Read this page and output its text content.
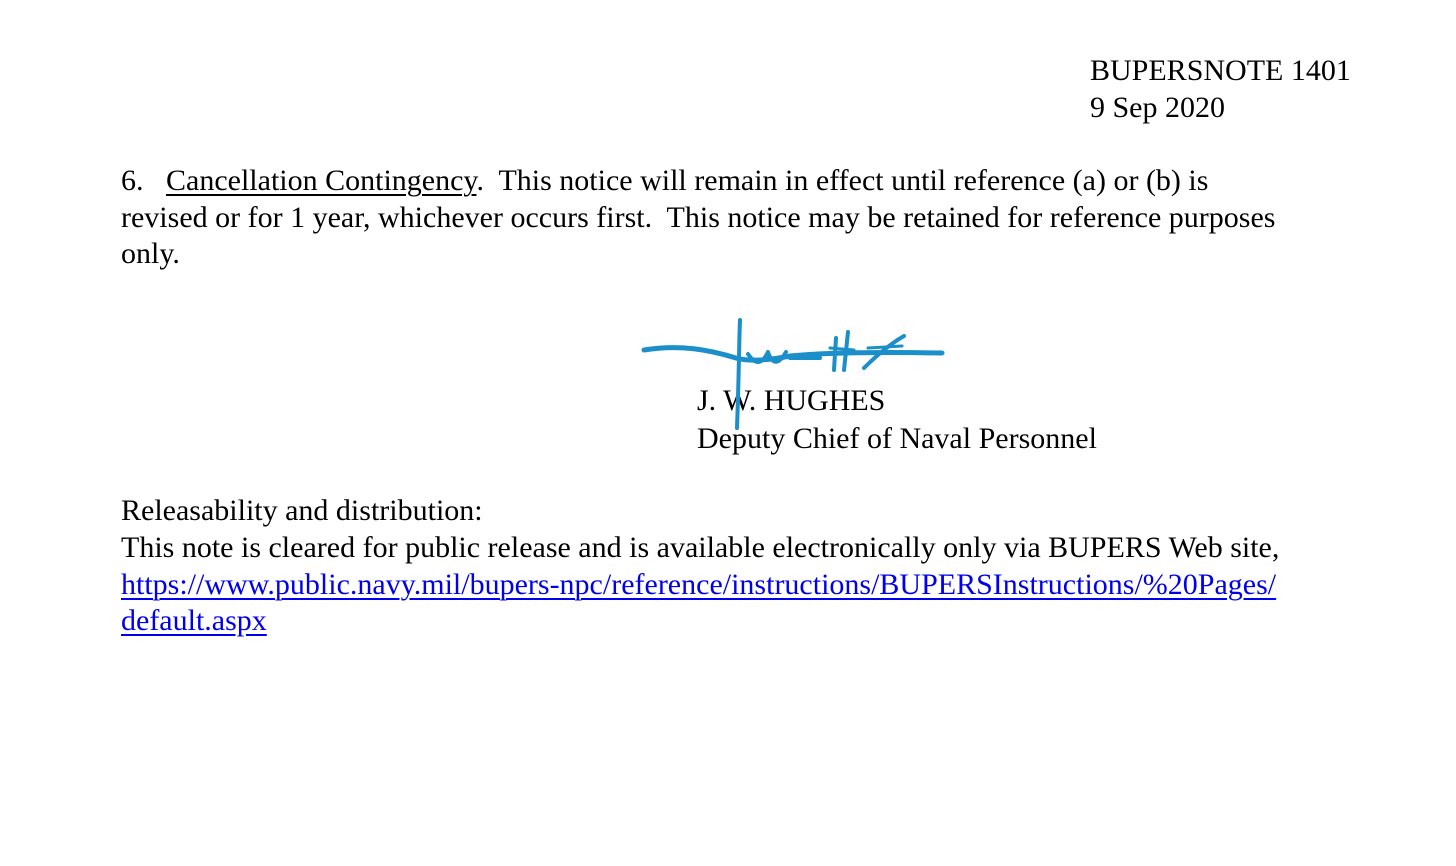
BUPERSNOTE 1401
9 Sep 2020
6. Cancellation Contingency.  This notice will remain in effect until reference (a) or (b) is
revised or for 1 year, whichever occurs first.  This notice may be retained for reference purposes
only.
J. W. HUGHES
Deputy Chief of Naval Personnel
Releasability and distribution:
This note is cleared for public release and is available electronically only via BUPERS Web site,
https://www.public.navy.mil/bupers-npc/reference/instructions/BUPERSInstructions/%20Pages/
default.aspx
